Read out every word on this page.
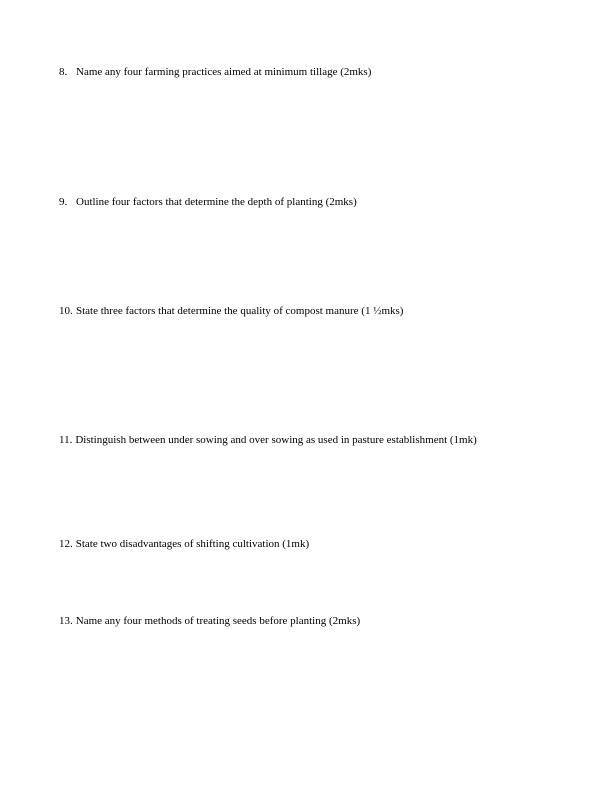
8. Name any four farming practices aimed at minimum tillage (2mks)
9. Outline four factors that determine the depth of planting (2mks)
10. State three factors that determine the quality of compost manure (1 ½mks)
11. Distinguish between under sowing and over sowing as used in pasture establishment (1mk)
12. State two disadvantages of shifting cultivation (1mk)
13. Name any four methods of treating seeds before planting (2mks)
